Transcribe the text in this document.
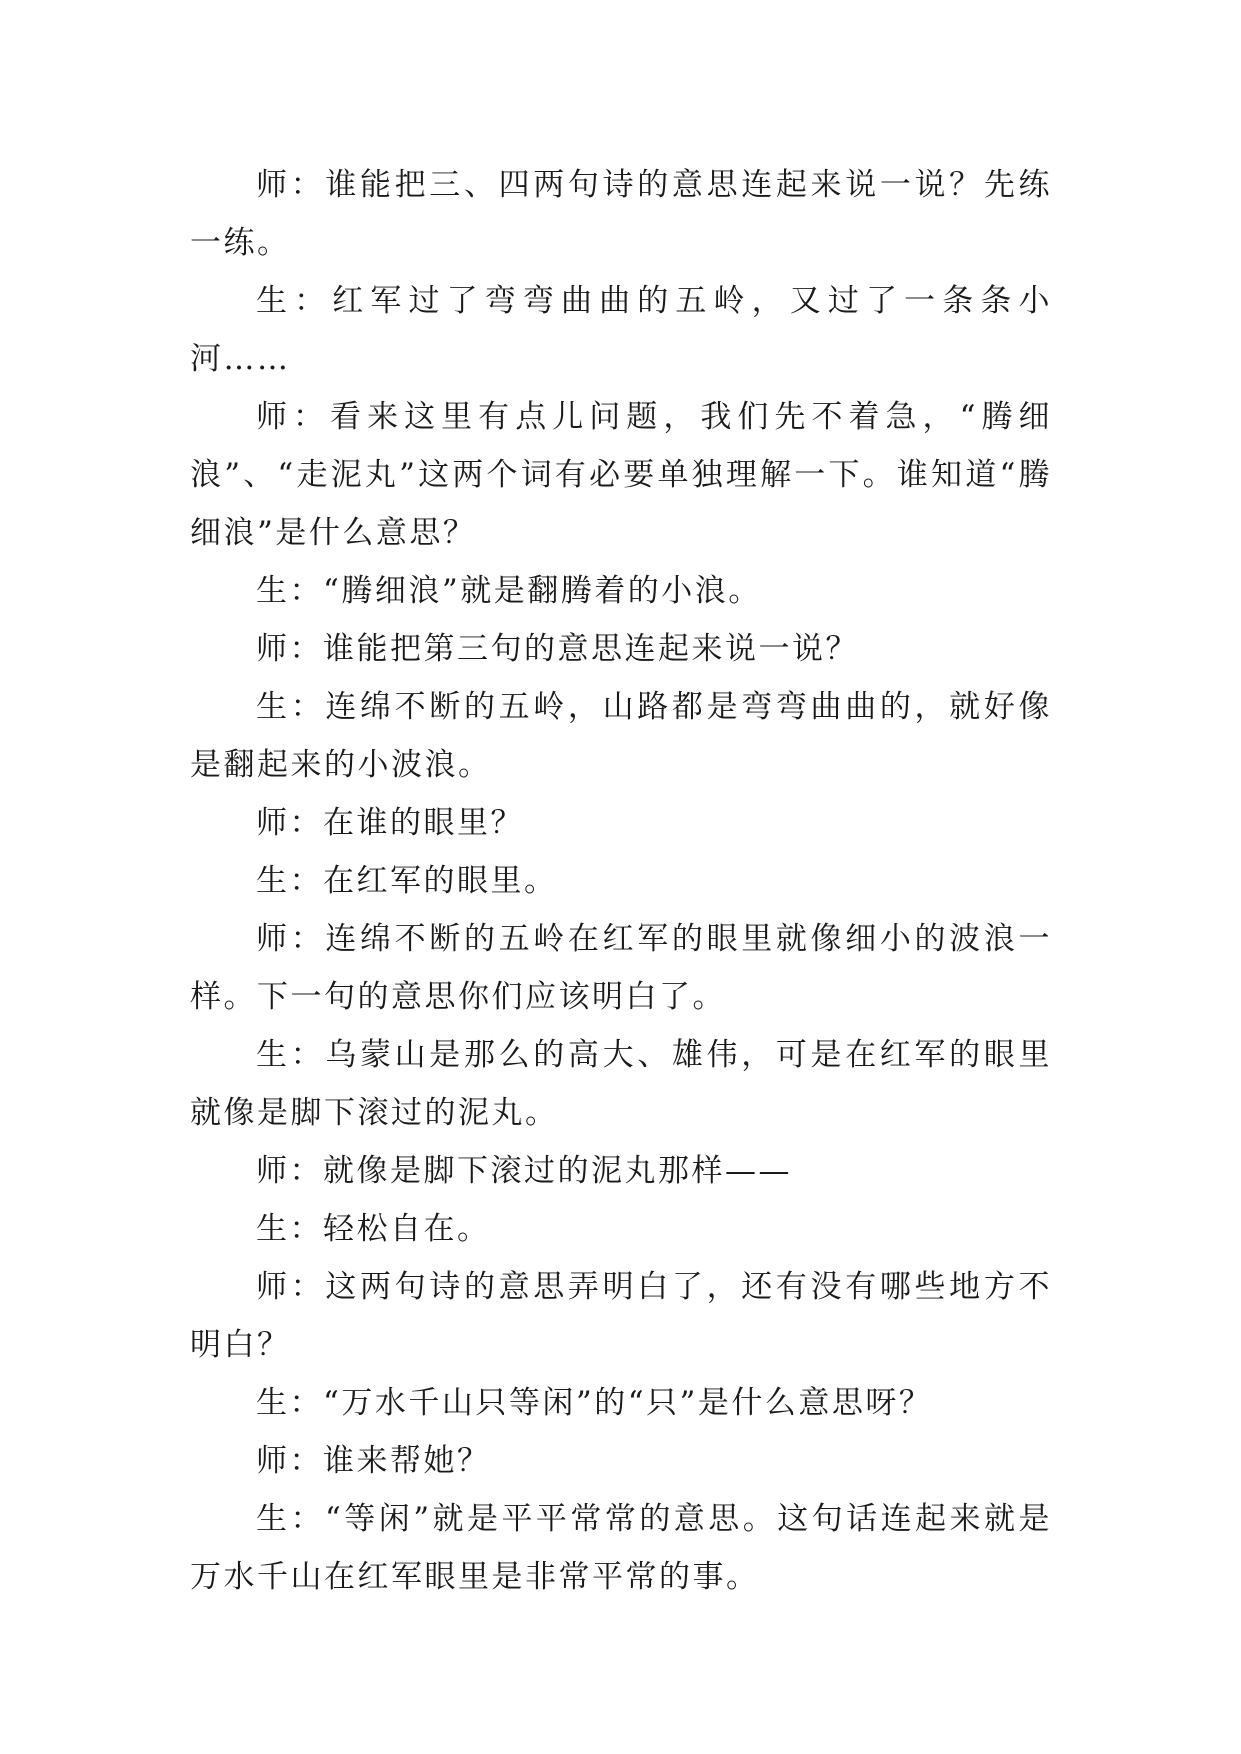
师：谁能把三、四两句诗的意思连起来说一说？先练一练。

生：红军过了弯弯曲曲的五岭，又过了一条条小河……

师：看来这里有点儿问题，我们先不着急，“腾细浪”、“走泥丸”这两个词有必要单独理解一下。谁知道“腾细浪”是什么意思？

生：“腾细浪”就是翻腾着的小浪。

师：谁能把第三句的意思连起来说一说？

生：连绵不断的五岭，山路都是弯弯曲曲的，就好像是翻起来的小波浪。

师：在谁的眼里？

生：在红军的眼里。

师：连绵不断的五岭在红军的眼里就像细小的波浪一样。下一句的意思你们应该明白了。

生：乌蒙山是那么的高大、雄伟，可是在红军的眼里就像是脚下滚过的泥丸。

师：就像是脚下滚过的泥丸那样——

生：轻松自在。

师：这两句诗的意思弄明白了，还有没有哪些地方不明白？

生：“万水千山只等闲”的“只”是什么意思呀？

师：谁来帮她？

生：“等闲”就是平平常常的意思。这句话连起来就是万水千山在红军眼里是非常平常的事。
